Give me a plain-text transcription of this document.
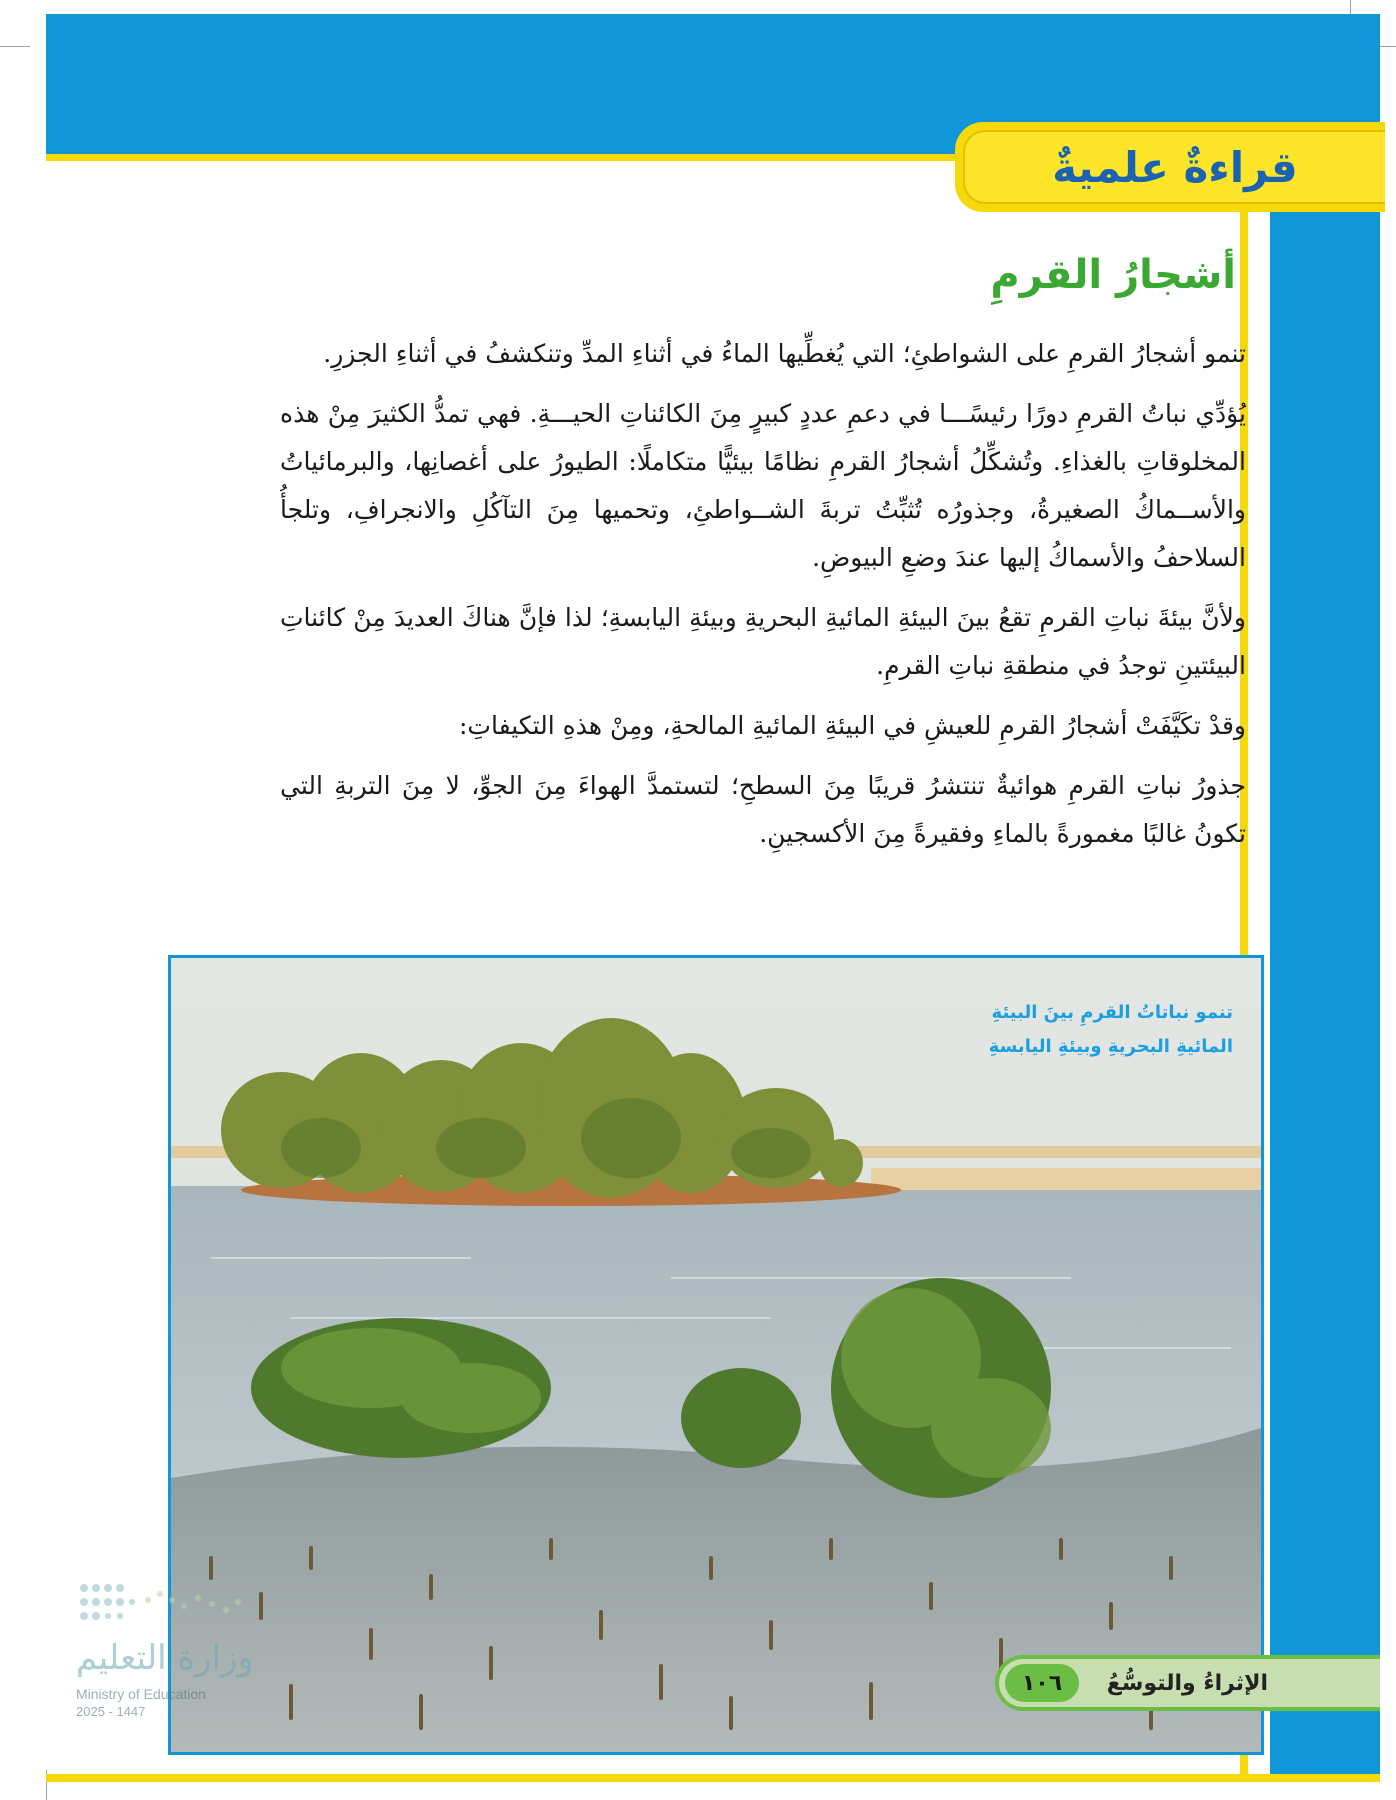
قراءةٌ علميةٌ
أشجارُ القرمِ

تنمو أشجارُ القرمِ على الشواطئِ؛ التي يُغطِّيها الماءُ في أثناءِ المدِّ وتنكشفُ في أثناءِ الجزرِ.

يُؤدِّي نباتُ القرمِ دورًا رئيسًـــا في دعمِ عددٍ كبيرٍ مِنَ الكائناتِ الحيـــةِ. فهي تمدُّ الكثيرَ مِنْ هذه المخلوقاتِ بالغذاءِ. وتُشكِّلُ أشجارُ القرمِ نظامًا بيئيًّا متكاملًا: الطيورُ على أغصانِها، والبرمائياتُ والأســماكُ الصغيرةُ، وجذورُه تُثبِّتُ تربةَ الشــواطئِ، وتحميها مِنَ التآكُلِ والانجرافِ، وتلجأُ السلاحفُ والأسماكُ إليها عندَ وضعِ البيوضِ.

ولأنَّ بيئةَ نباتِ القرمِ تقعُ بينَ البيئةِ المائيةِ البحريةِ وبيئةِ اليابسةِ؛ لذا فإنَّ هناكَ العديدَ مِنْ كائناتِ البيئتينِ توجدُ في منطقةِ نباتِ القرمِ.

وقدْ تكَيَّفَتْ أشجارُ القرمِ للعيشِ في البيئةِ المائيةِ المالحةِ، ومِنْ هذهِ التكيفاتِ:

جذورُ نباتِ القرمِ هوائيةٌ تنتشرُ قريبًا مِنَ السطحِ؛ لتستمدَّ الهواءَ مِنَ الجوِّ، لا مِنَ التربةِ التي تكونُ غالبًا مغمورةً بالماءِ وفقيرةً مِنَ الأكسجينِ.

تنمو نباتاتُ القرمِ بينَ البيئةِ
المائيةِ البحريةِ وبيئةِ اليابسةِ
الإثراءُ والتوسُّعُ
١٠٦
وزارة التعليم
Ministry of Education
2025 - 1447
